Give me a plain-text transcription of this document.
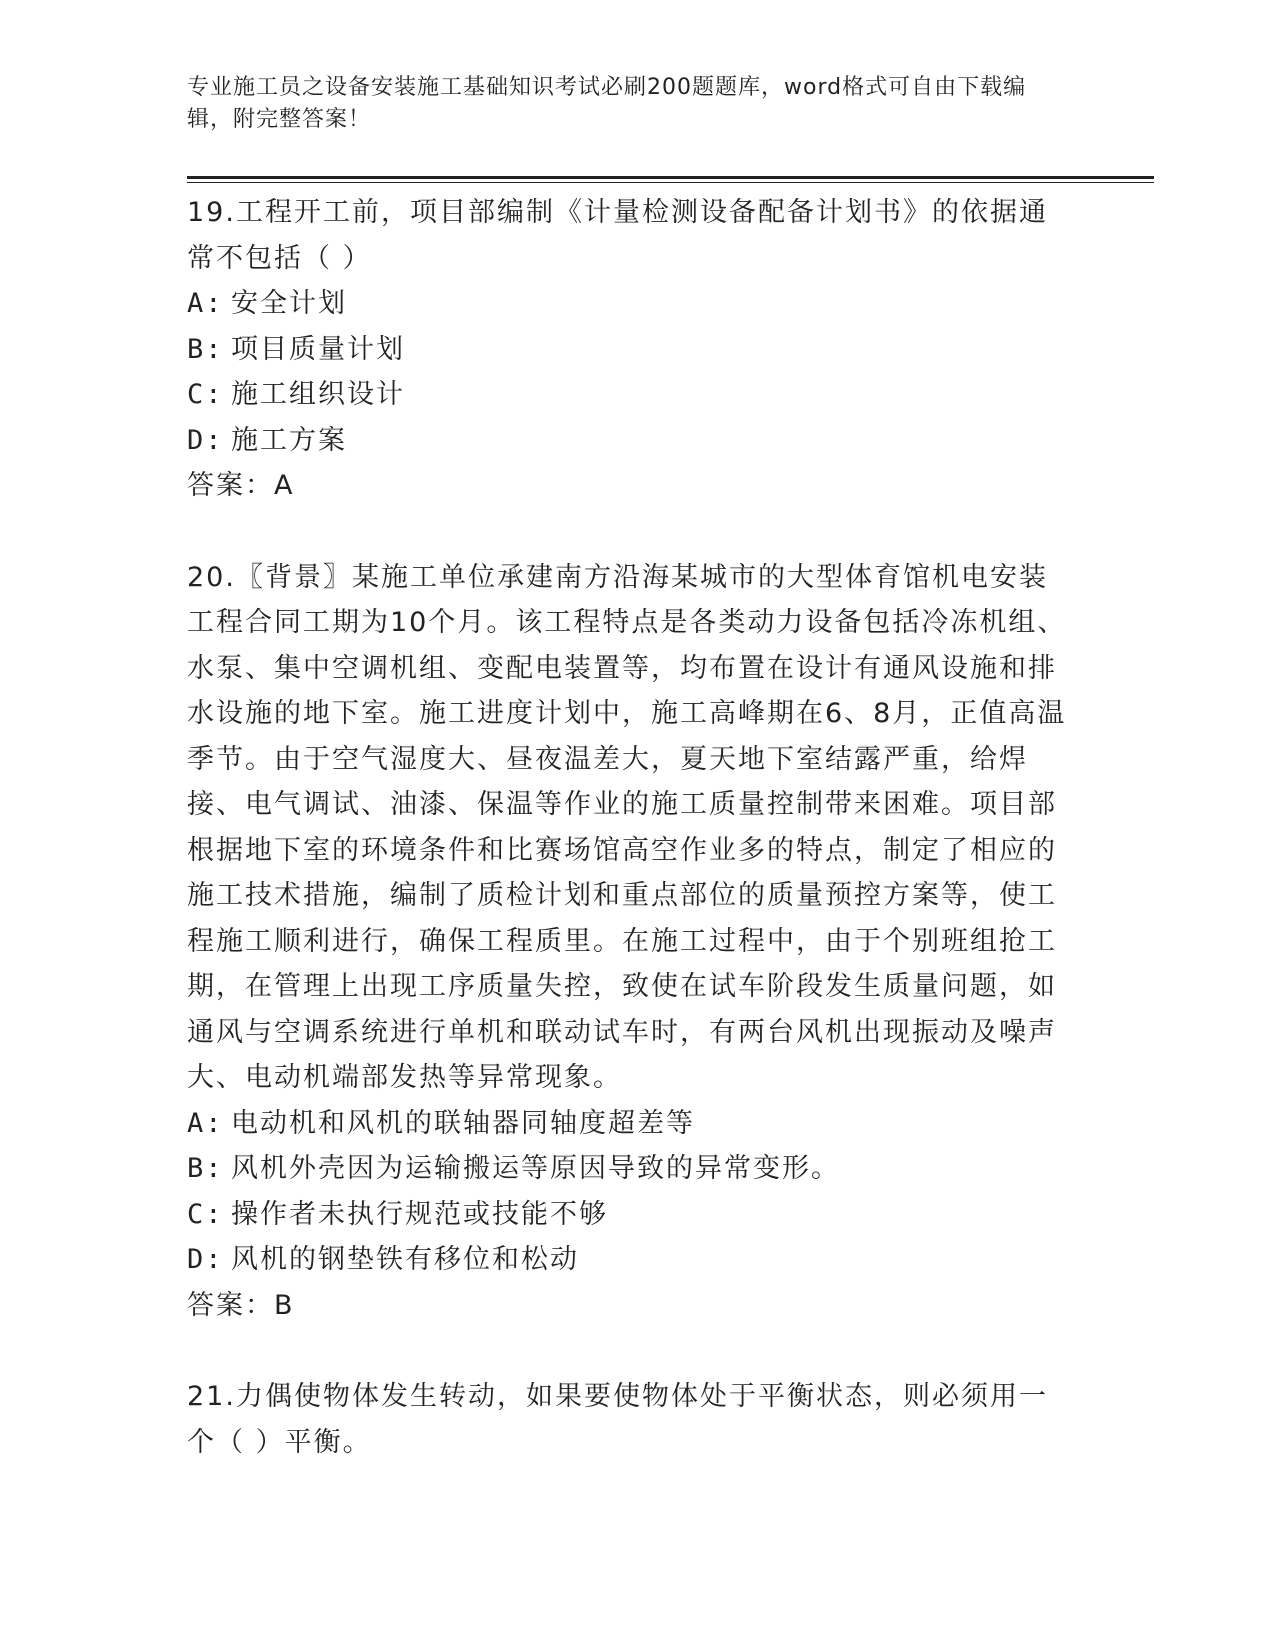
专业施工员之设备安装施工基础知识考试必刷200题题库，word格式可自由下载编辑，附完整答案！
19.工程开工前，项目部编制《计量检测设备配备计划书》的依据通常不包括（ ）
A: 安全计划
B: 项目质量计划
C: 施工组织设计
D: 施工方案
答案：A
20.〖背景〗某施工单位承建南方沿海某城市的大型体育馆机电安装工程合同工期为10个月。该工程特点是各类动力设备包括冷冻机组、水泵、集中空调机组、变配电装置等，均布置在设计有通风设施和排水设施的地下室。施工进度计划中，施工高峰期在6、8月，正值高温季节。由于空气湿度大、昼夜温差大，夏天地下室结露严重，给焊接、电气调试、油漆、保温等作业的施工质量控制带来困难。项目部根据地下室的环境条件和比赛场馆高空作业多的特点，制定了相应的施工技术措施，编制了质检计划和重点部位的质量预控方案等，使工程施工顺利进行，确保工程质里。在施工过程中，由于个别班组抢工期，在管理上出现工序质量失控，致使在试车阶段发生质量问题，如通风与空调系统进行单机和联动试车时，有两台风机出现振动及噪声大、电动机端部发热等异常现象。
A: 电动机和风机的联轴器同轴度超差等
B: 风机外壳因为运输搬运等原因导致的异常变形。
C: 操作者未执行规范或技能不够
D: 风机的钢垫铁有移位和松动
答案：B
21.力偶使物体发生转动，如果要使物体处于平衡状态，则必须用一个（ ）平衡。
